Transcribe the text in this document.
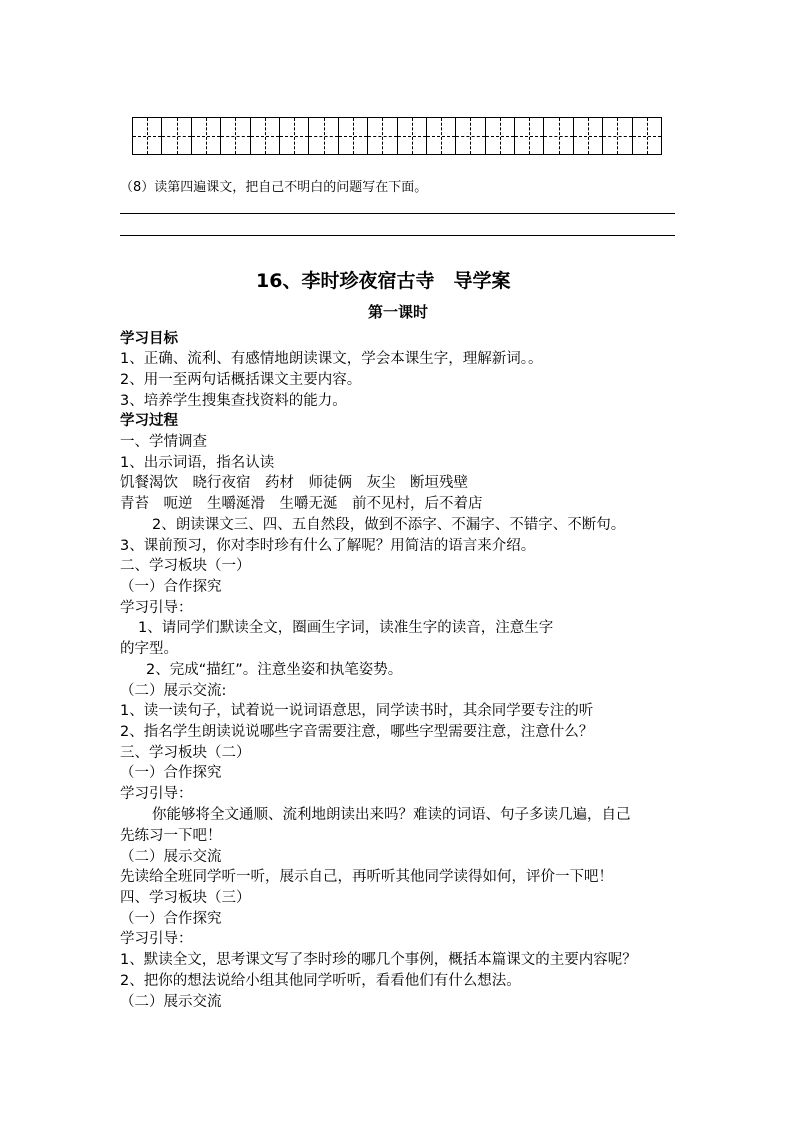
（8）读第四遍课文，把自己不明白的问题写在下面。
16、李时珍夜宿古寺　导学案
第一课时
学习目标
1、正确、流利、有感情地朗读课文，学会本课生字，理解新词。。
2、用一至两句话概括课文主要内容。
3、培养学生搜集查找资料的能力。
学习过程
一、学情调查
1、出示词语，指名认读
饥餐渴饮　晓行夜宿　药材　师徒俩　灰尘　断垣残壁
青苔　呃逆　生嚼涎滑　生嚼无涎　前不见村，后不着店
2、朗读课文三、四、五自然段，做到不添字、不漏字、不错字、不断句。
3、课前预习，你对李时珍有什么了解呢？用简洁的语言来介绍。
二、学习板块（一）
（一）合作探究
学习引导：
1、请同学们默读全文，圈画生字词，读准生字的读音，注意生字
的字型。
2、完成“描红”。注意坐姿和执笔姿势。
（二）展示交流:
1、读一读句子，试着说一说词语意思，同学读书时，其余同学要专注的听
2、指名学生朗读说说哪些字音需要注意，哪些字型需要注意，注意什么？
三、学习板块（二）
（一）合作探究
学习引导：
你能够将全文通顺、流利地朗读出来吗？难读的词语、句子多读几遍，自己
先练习一下吧！
（二）展示交流
先读给全班同学听一听，展示自己，再听听其他同学读得如何，评价一下吧！
四、学习板块（三）
（一）合作探究
学习引导：
1、默读全文，思考课文写了李时珍的哪几个事例，概括本篇课文的主要内容呢？
2、把你的想法说给小组其他同学听听，看看他们有什么想法。
（二）展示交流
